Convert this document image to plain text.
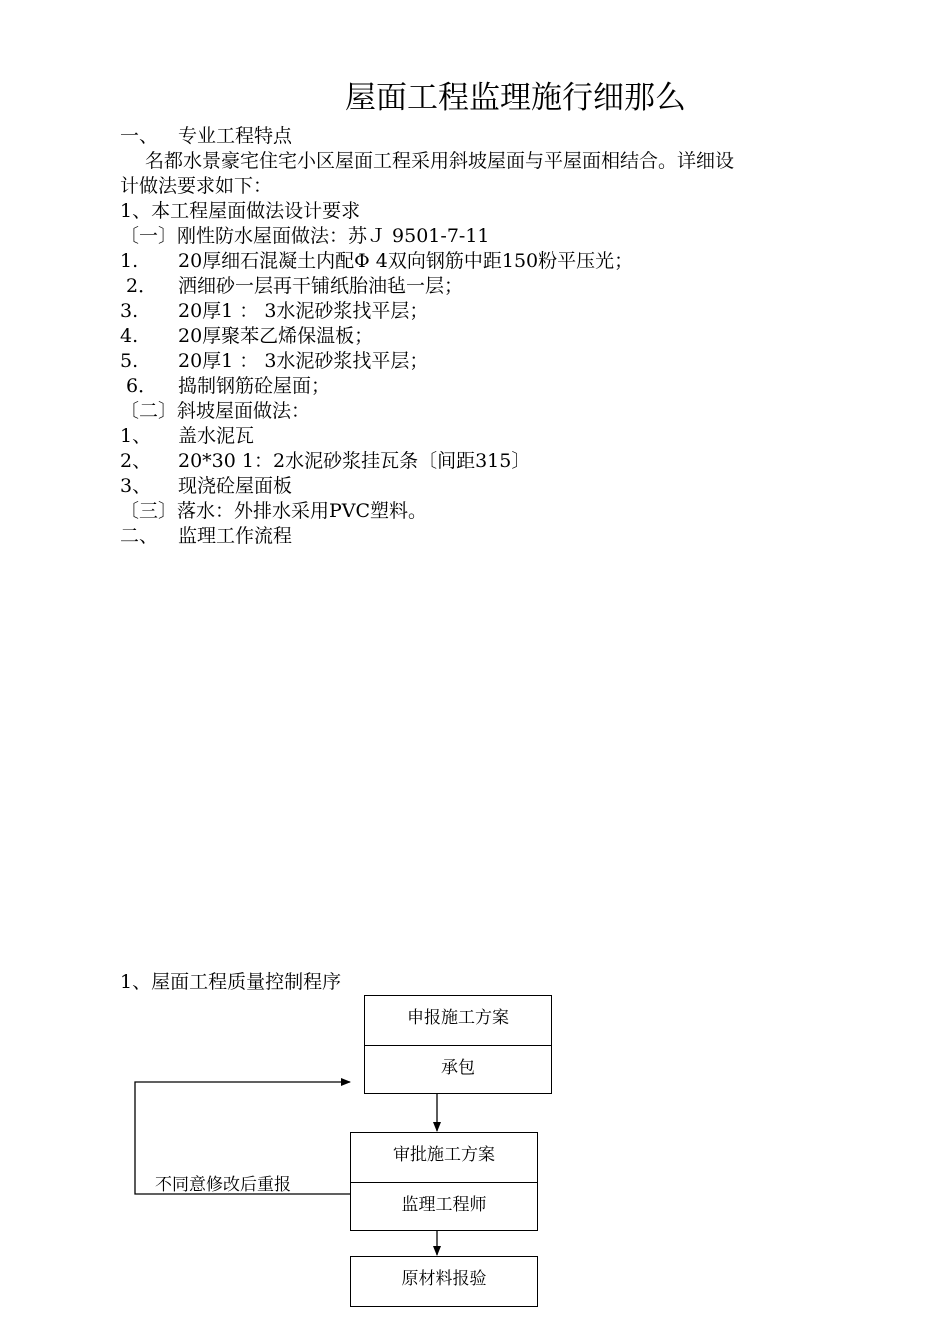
屋面工程监理施行细那么
一、 专业工程特点
名都水景豪宅住宅小区屋面工程采用斜坡屋面与平屋面相结合。详细设
计做法要求如下：
1、本工程屋面做法设计要求
〔一〕刚性防水屋面做法：苏Ｊ 9501-7-11
1. 20厚细石混凝土内配Φ 4双向钢筋中距150粉平压光；
2． 洒细砂一层再干铺纸胎油毡一层；
3. 20厚1 ： 3水泥砂浆找平层；
4. 20厚聚苯乙烯保温板；
5. 20厚1 ： 3水泥砂浆找平层；
6． 捣制钢筋砼屋面；
〔二〕斜坡屋面做法：
1、 盖水泥瓦
2、 20*30 1：2水泥砂浆挂瓦条〔间距315〕
3、 现浇砼屋面板
〔三〕落水：外排水采用PVC塑料。
二、 监理工作流程
1、屋面工程质量控制程序
申报施工方案
承包
审批施工方案
监理工程师
原材料报验
不同意修改后重报
